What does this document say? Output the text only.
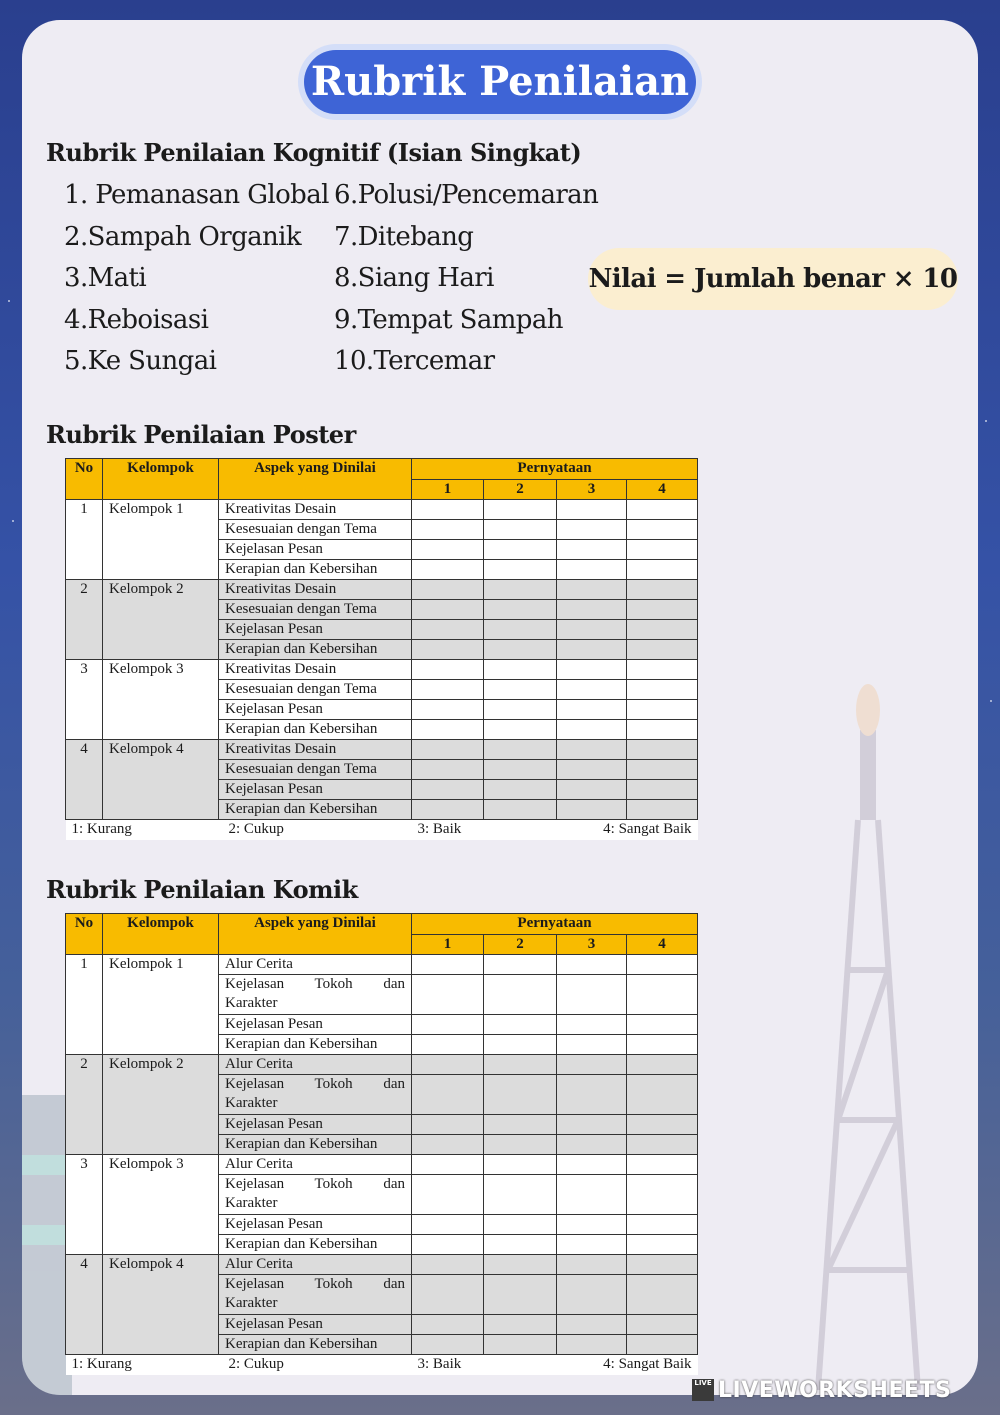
Rubrik Penilaian
Rubrik Penilaian Kognitif (Isian Singkat)
1. Pemanasan Global
2.Sampah Organik
3.Mati
4.Reboisasi
5.Ke Sungai
6.Polusi/Pencemaran
7.Ditebang
8.Siang Hari
9.Tempat Sampah
10.Tercemar
Nilai = Jumlah benar × 10
Rubrik Penilaian Poster
No	Kelompok	Aspek yang Dinilai	Pernyataan			
			1	2	3	4
1	Kelompok 1	Kreativitas Desain				
		Kesesuaian dengan Tema				
		Kejelasan Pesan				
		Kerapian dan Kebersihan				
2	Kelompok 2	Kreativitas Desain				
		Kesesuaian dengan Tema				
		Kejelasan Pesan				
		Kerapian dan Kebersihan				
3	Kelompok 3	Kreativitas Desain				
		Kesesuaian dengan Tema				
		Kejelasan Pesan				
		Kerapian dan Kebersihan				
4	Kelompok 4	Kreativitas Desain				
		Kesesuaian dengan Tema				
		Kejelasan Pesan				
		Kerapian dan Kebersihan				
1: Kurang		2: Cukup	3: Baik		4: Sangat Baik	
Rubrik Penilaian Komik
No	Kelompok	Aspek yang Dinilai	Pernyataan			
			1	2	3	4
1	Kelompok 1	Alur Cerita				
		Kejelasan Tokoh dan Karakter				
		Kejelasan Pesan				
		Kerapian dan Kebersihan				
2	Kelompok 2	Alur Cerita				
		Kejelasan Tokoh dan Karakter				
		Kejelasan Pesan				
		Kerapian dan Kebersihan				
3	Kelompok 3	Alur Cerita				
		Kejelasan Tokoh dan Karakter				
		Kejelasan Pesan				
		Kerapian dan Kebersihan				
4	Kelompok 4	Alur Cerita				
		Kejelasan Tokoh dan Karakter				
		Kejelasan Pesan				
		Kerapian dan Kebersihan				
1: Kurang		2: Cukup	3: Baik		4: Sangat Baik	
LIVE LIVEWORKSHEETS
